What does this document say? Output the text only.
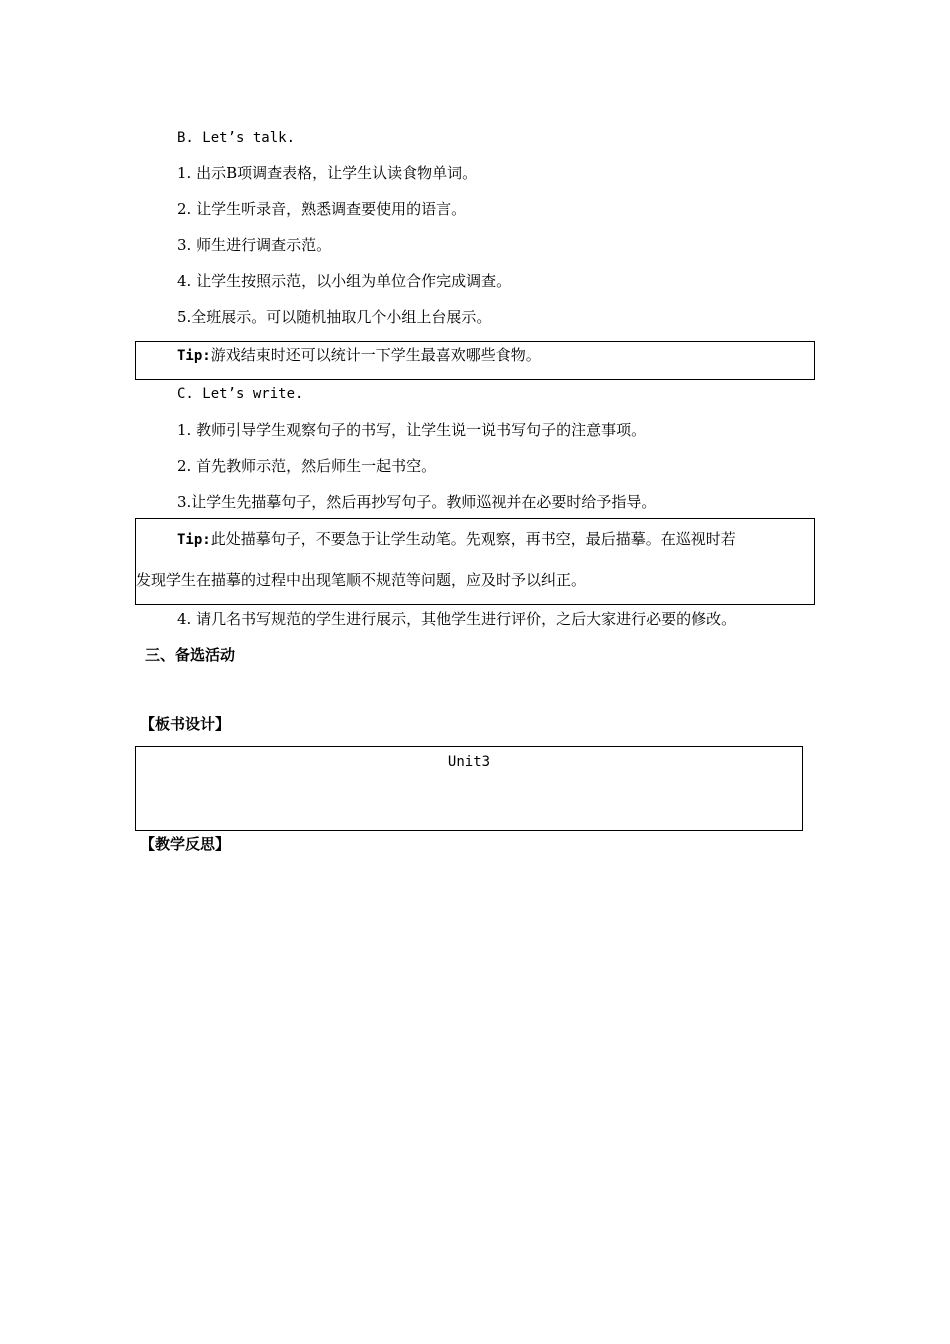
B. Let’s talk.
1. 出示B项调查表格，让学生认读食物单词。
2. 让学生听录音，熟悉调查要使用的语言。
3. 师生进行调查示范。
4. 让学生按照示范，以小组为单位合作完成调查。
5.全班展示。可以随机抽取几个小组上台展示。
Tip:游戏结束时还可以统计一下学生最喜欢哪些食物。
C. Let’s write.
1. 教师引导学生观察句子的书写，让学生说一说书写句子的注意事项。
2. 首先教师示范，然后师生一起书空。
3.让学生先描摹句子，然后再抄写句子。教师巡视并在必要时给予指导。
Tip:此处描摹句子，不要急于让学生动笔。先观察，再书空，最后描摹。在巡视时若
发现学生在描摹的过程中出现笔顺不规范等问题，应及时予以纠正。
4. 请几名书写规范的学生进行展示，其他学生进行评价，之后大家进行必要的修改。
三、备选活动
【板书设计】
Unit3
【教学反思】
